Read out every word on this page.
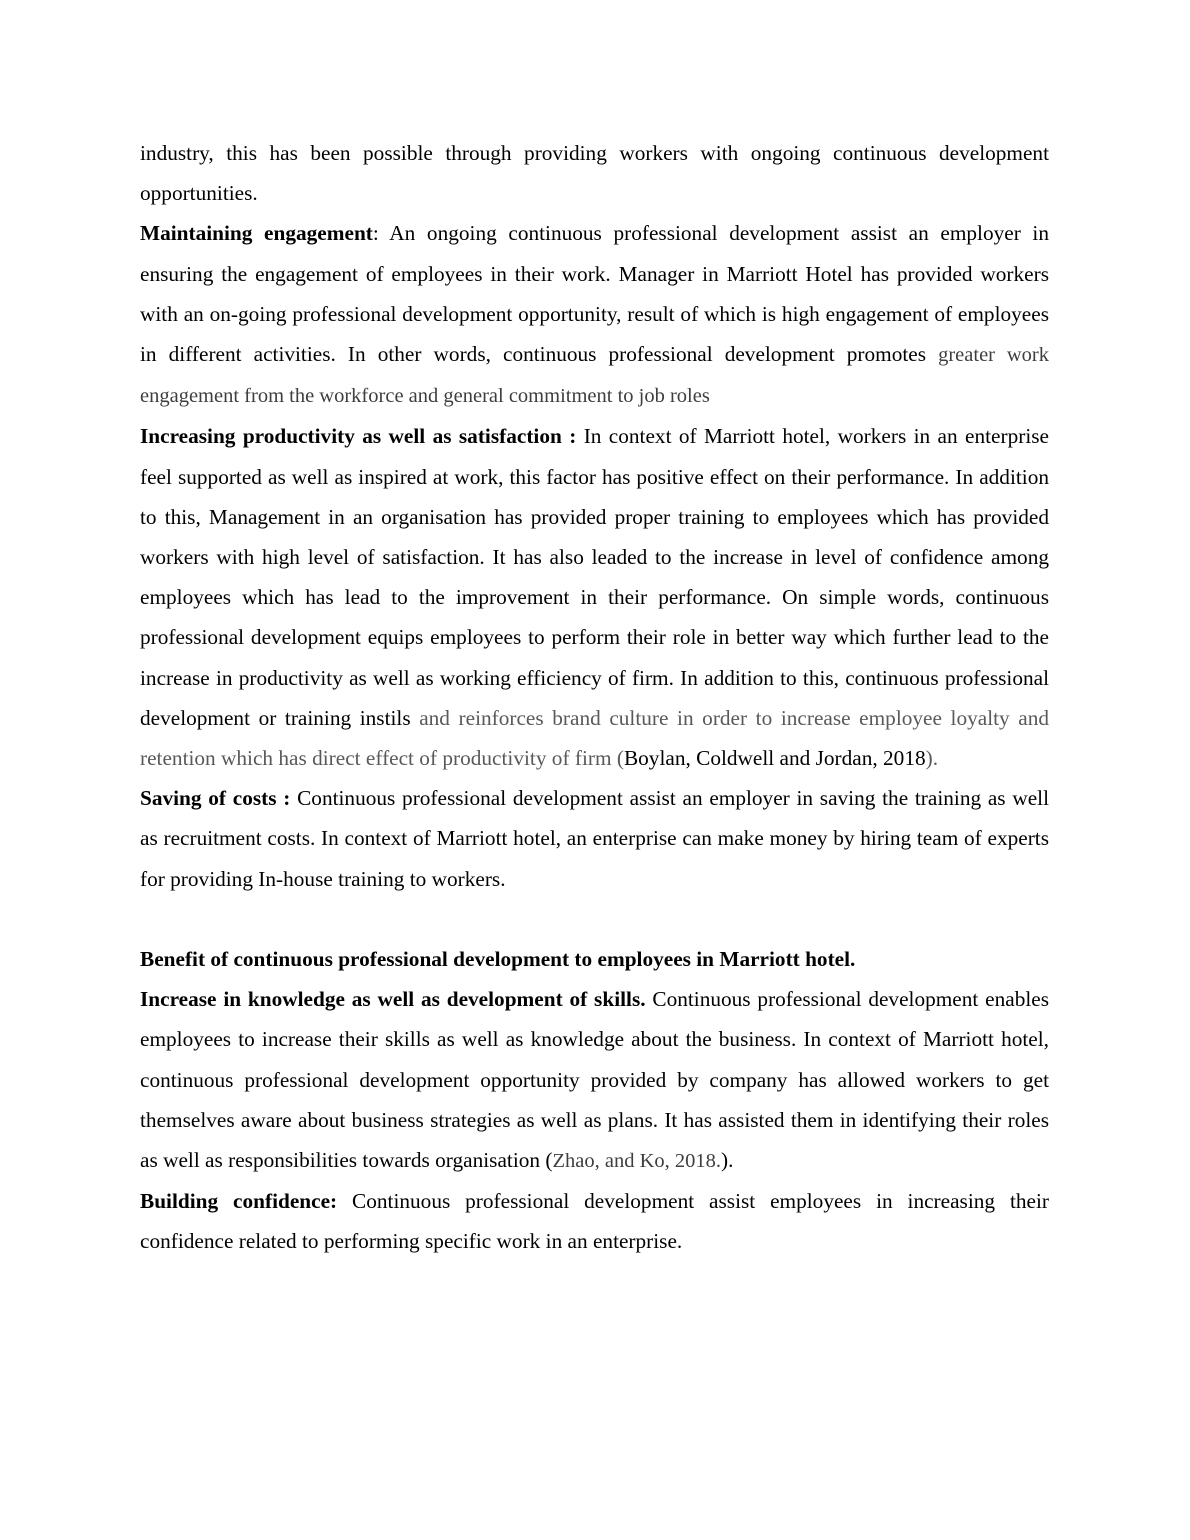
industry, this has been possible through providing workers with ongoing continuous development opportunities.

Maintaining engagement: An ongoing continuous professional development assist an employer in ensuring the engagement of employees in their work. Manager in Marriott Hotel has provided workers with an on-going professional development opportunity, result of which is high engagement of employees in different activities. In other words, continuous professional development promotes greater work engagement from the workforce and general commitment to job roles

Increasing productivity as well as satisfaction : In context of Marriott hotel, workers in an enterprise feel supported as well as inspired at work, this factor has positive effect on their performance. In addition to this, Management in an organisation has provided proper training to employees which has provided workers with high level of satisfaction. It has also leaded to the increase in level of confidence among employees which has lead to the improvement in their performance. On simple words, continuous professional development equips employees to perform their role in better way which further lead to the increase in productivity as well as working efficiency of firm. In addition to this, continuous professional development or training instils and reinforces brand culture in order to increase employee loyalty and retention which has direct effect of productivity of firm (Boylan, Coldwell and Jordan, 2018).

Saving of costs : Continuous professional development assist an employer in saving the training as well as recruitment costs. In context of Marriott hotel, an enterprise can make money by hiring team of experts for providing In-house training to workers.

Benefit of continuous professional development to employees in Marriott hotel.

Increase in knowledge as well as development of skills. Continuous professional development enables employees to increase their skills as well as knowledge about the business. In context of Marriott hotel, continuous professional development opportunity provided by company has allowed workers to get themselves aware about business strategies as well as plans. It has assisted them in identifying their roles as well as responsibilities towards organisation (Zhao, and Ko, 2018.).

Building confidence: Continuous professional development assist employees in increasing their confidence related to performing specific work in an enterprise.
